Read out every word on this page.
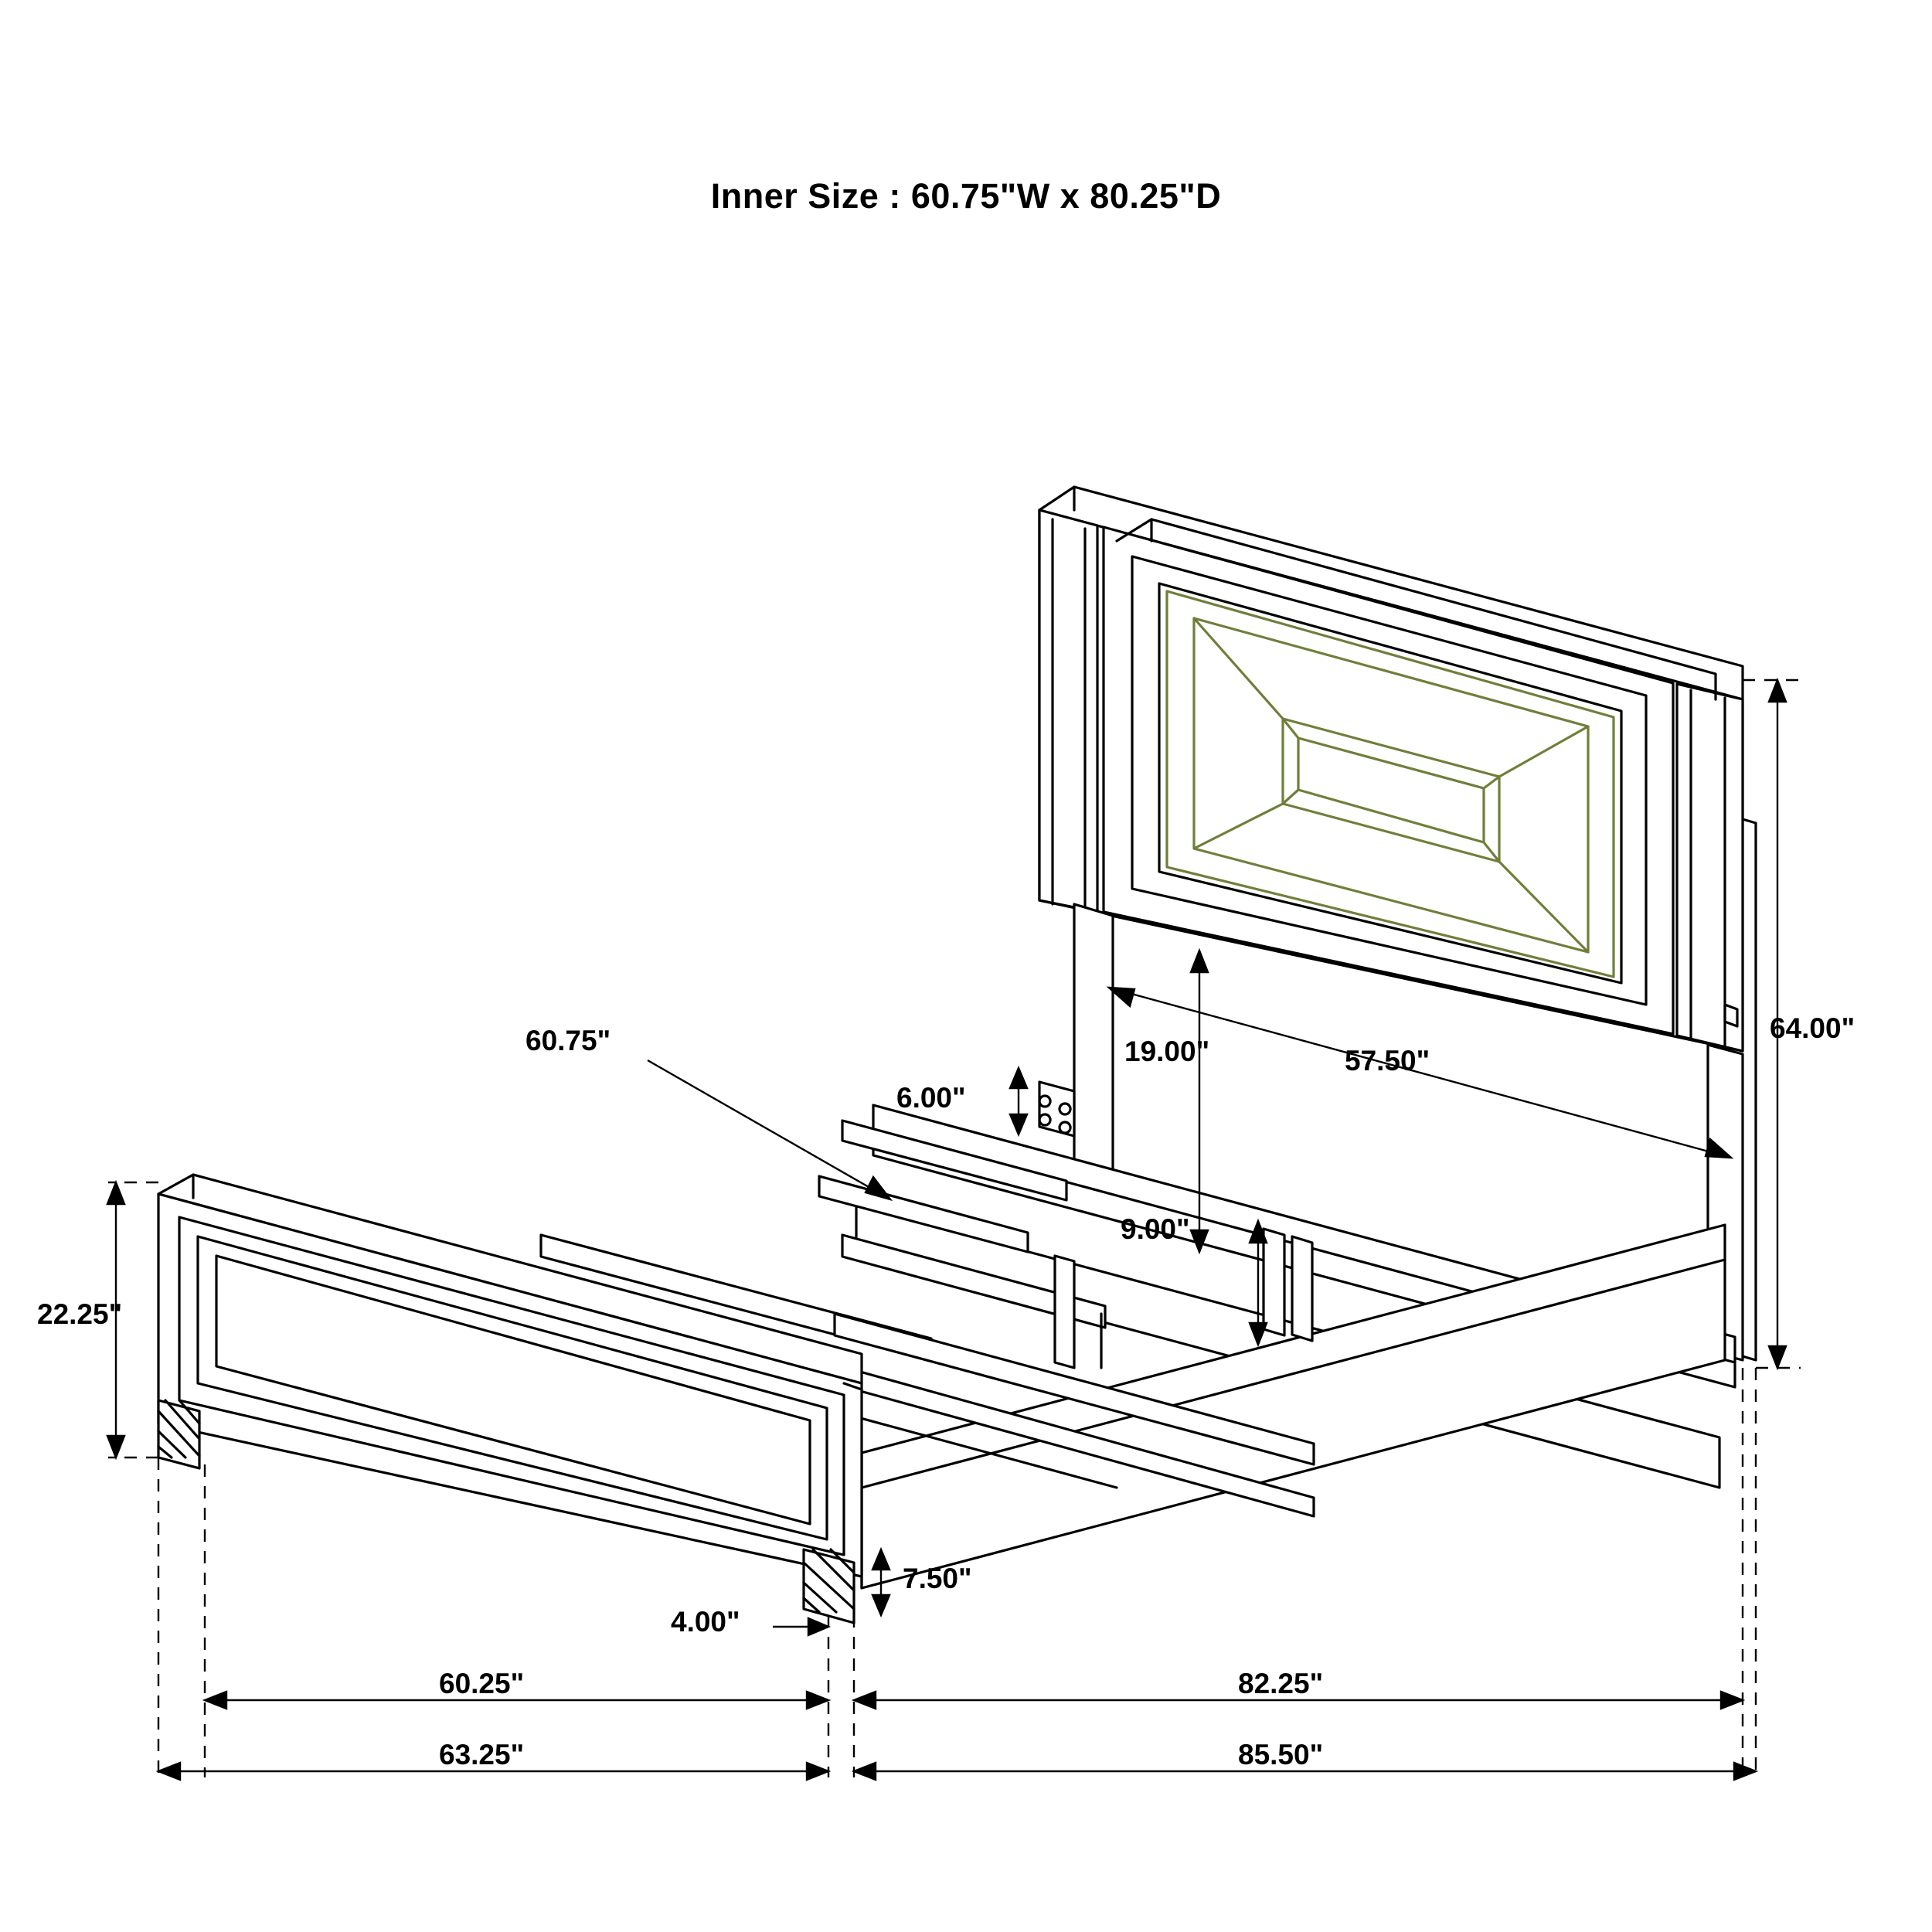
Inner Size : 60.75"W x 80.25"D
64.00"
57.50"
19.00"
9.00"
60.75"
6.00"
22.25"
7.50"
4.00"
60.25"	82.25"
63.25"	85.50"
